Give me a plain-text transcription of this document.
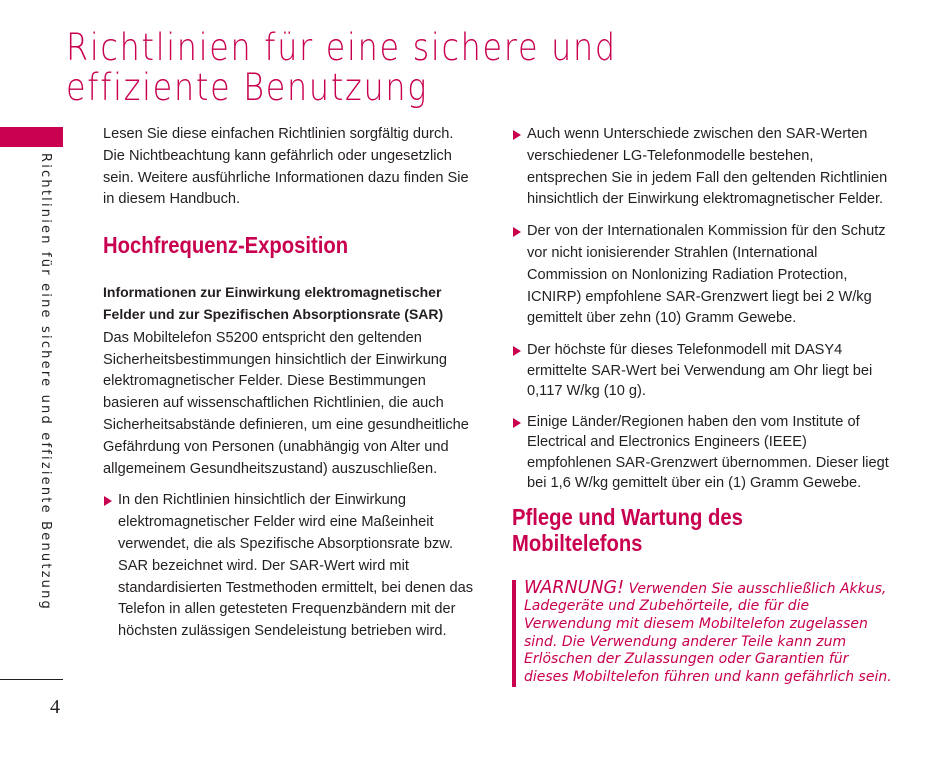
Richtlinien für eine sichere und effiziente Benutzung
Richtlinien für eine sichere und effiziente Benutzung
4

Lesen Sie diese einfachen Richtlinien sorgfältig durch. Die Nichtbeachtung kann gefährlich oder ungesetzlich sein. Weitere ausführliche Informationen dazu finden Sie in diesem Handbuch.

Hochfrequenz-Exposition

Informationen zur Einwirkung elektromagnetischer Felder und zur Spezifischen Absorptionsrate (SAR)

Das Mobiltelefon S5200 entspricht den geltenden Sicherheitsbestimmungen hinsichtlich der Einwirkung elektromagnetischer Felder. Diese Bestimmungen basieren auf wissenschaftlichen Richtlinien, die auch Sicherheitsabstände definieren, um eine gesundheitliche Gefährdung von Personen (unabhängig von Alter und allgemeinem Gesundheitszustand) auszuschließen.

In den Richtlinien hinsichtlich der Einwirkung elektromagnetischer Felder wird eine Maßeinheit verwendet, die als Spezifische Absorptionsrate bzw. SAR bezeichnet wird. Der SAR-Wert wird mit standardisierten Testmethoden ermittelt, bei denen das Telefon in allen getesteten Frequenzbändern mit der höchsten zulässigen Sendeleistung betrieben wird.

Auch wenn Unterschiede zwischen den SAR-Werten verschiedener LG-Telefonmodelle bestehen, entsprechen Sie in jedem Fall den geltenden Richtlinien hinsichtlich der Einwirkung elektromagnetischer Felder.

Der von der Internationalen Kommission für den Schutz vor nicht ionisierender Strahlen (International Commission on Nonlonizing Radiation Protection, ICNIRP) empfohlene SAR-Grenzwert liegt bei 2 W/kg gemittelt über zehn (10) Gramm Gewebe.

Der höchste für dieses Telefonmodell mit DASY4 ermittelte SAR-Wert bei Verwendung am Ohr liegt bei 0,117 W/kg (10 g).

Einige Länder/Regionen haben den vom Institute of Electrical and Electronics Engineers (IEEE) empfohlenen SAR-Grenzwert übernommen. Dieser liegt bei 1,6 W/kg gemittelt über ein (1) Gramm Gewebe.

Pflege und Wartung des Mobiltelefons
WARNUNG! Verwenden Sie ausschließlich Akkus, Ladegeräte und Zubehörteile, die für die Verwendung mit diesem Mobiltelefon zugelassen sind. Die Verwendung anderer Teile kann zum Erlöschen der Zulassungen oder Garantien für dieses Mobiltelefon führen und kann gefährlich sein.
